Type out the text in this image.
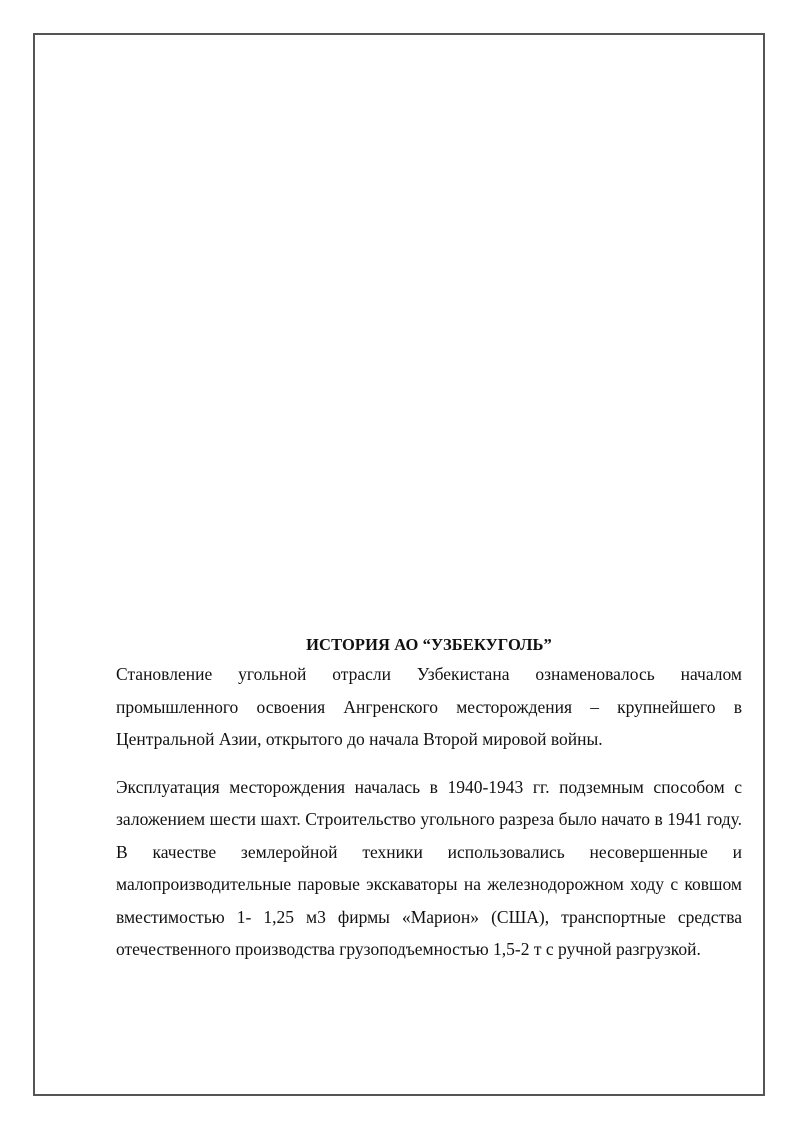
ИСТОРИЯ АО “УЗБЕКУГОЛЬ”

Становление угольной отрасли Узбекистана ознаменовалось началом промышленного освоения Ангренского месторождения – крупнейшего в Центральной Азии, открытого до начала Второй мировой войны.

Эксплуатация месторождения началась в 1940-1943 гг. подземным способом с заложением шести шахт. Строительство угольного разреза было начато в 1941 году. В качестве землеройной техники использовались несовершенные и малопроизводительные паровые экскаваторы на железнодорожном ходу с ковшом вместимостью 1- 1,25 м3 фирмы «Марион» (США), транспортные средства отечественного производства грузоподъемностью 1,5-2 т с ручной разгрузкой.
